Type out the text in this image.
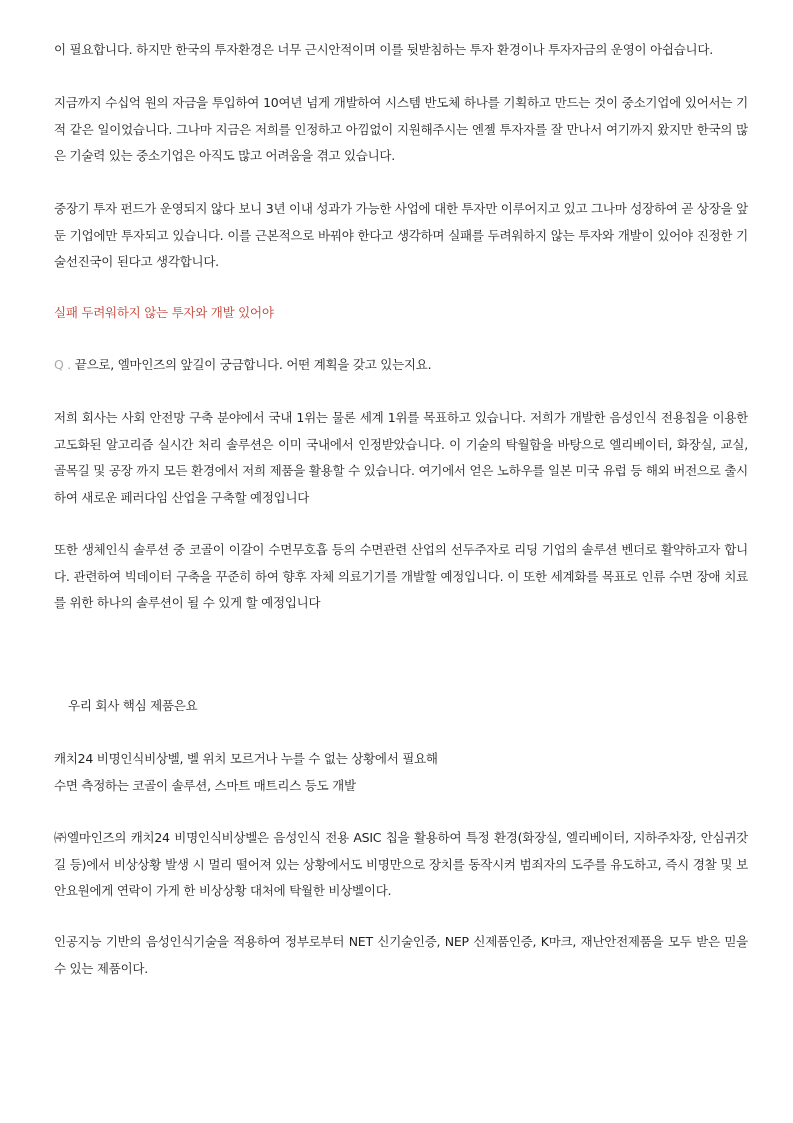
이 필요합니다. 하지만 한국의 투자환경은 너무 근시안적이며 이를 뒷받침하는 투자 환경이나 투자자금의 운영이 아쉽습니다.

지금까지 수십억 원의 자금을 투입하여 10여년 넘게 개발하여 시스템 반도체 하나를 기획하고 만드는 것이 중소기업에 있어서는 기적 같은 일이었습니다. 그나마 지금은 저희를 인정하고 아낌없이 지원해주시는 엔젤 투자자를 잘 만나서 여기까지 왔지만 한국의 많은 기술력 있는 중소기업은 아직도 많고 어려움을 겪고 있습니다.

중장기 투자 펀드가 운영되지 않다 보니 3년 이내 성과가 가능한 사업에 대한 투자만 이루어지고 있고 그나마 성장하여 곧 상장을 앞둔 기업에만 투자되고 있습니다. 이를 근본적으로 바꿔야 한다고 생각하며 실패를 두려워하지 않는 투자와 개발이 있어야 진정한 기술선진국이 된다고 생각합니다.

실패 두려워하지 않는 투자와 개발 있어야

Q . 끝으로, 엘마인즈의 앞길이 궁금합니다. 어떤 계획을 갖고 있는지요.

저희 회사는 사회 안전망 구축 분야에서 국내 1위는 물론 세계 1위를 목표하고 있습니다. 저희가 개발한 음성인식 전용칩을 이용한 고도화된 알고리즘 실시간 처리 솔루션은 이미 국내에서 인정받았습니다. 이 기술의 탁월함을 바탕으로 엘리베이터, 화장실, 교실, 골목길 및 공장 까지 모든 환경에서 저희 제품을 활용할 수 있습니다. 여기에서 얻은 노하우를 일본 미국 유럽 등 해외 버전으로 출시하여 새로운 페러다임 산업을 구축할 예정입니다

또한 생체인식 솔루션 중 코골이 이갈이 수면무호흡 등의 수면관련 산업의 선두주자로 리딩 기업의 솔루션 벤더로 활약하고자 합니다. 관련하여 빅데이터 구축을 꾸준히 하여 향후 자체 의료기기를 개발할 예정입니다. 이 또한 세계화를 목표로 인류 수면 장애 치료를 위한 하나의 솔루션이 될 수 있게 할 예정입니다

우리 회사 핵심 제품은요

캐치24 비명인식비상벨, 벨 위치 모르거나 누를 수 없는 상황에서 필요해
수면 측정하는 코골이 솔루션, 스마트 매트리스 등도 개발

㈜엘마인즈의 캐치24 비명인식비상벨은 음성인식 전용 ASIC 칩을 활용하여 특정 환경(화장실, 엘리베이터, 지하주차장, 안심귀갓길 등)에서 비상상황 발생 시 멀리 떨어져 있는 상황에서도 비명만으로 장치를 동작시켜 범죄자의 도주를 유도하고, 즉시 경찰 및 보안요원에게 연락이 가게 한 비상상황 대처에 탁월한 비상벨이다.

인공지능 기반의 음성인식기술을 적용하여 정부로부터 NET 신기술인증, NEP 신제품인증, K마크, 재난안전제품을 모두 받은 믿을 수 있는 제품이다.
